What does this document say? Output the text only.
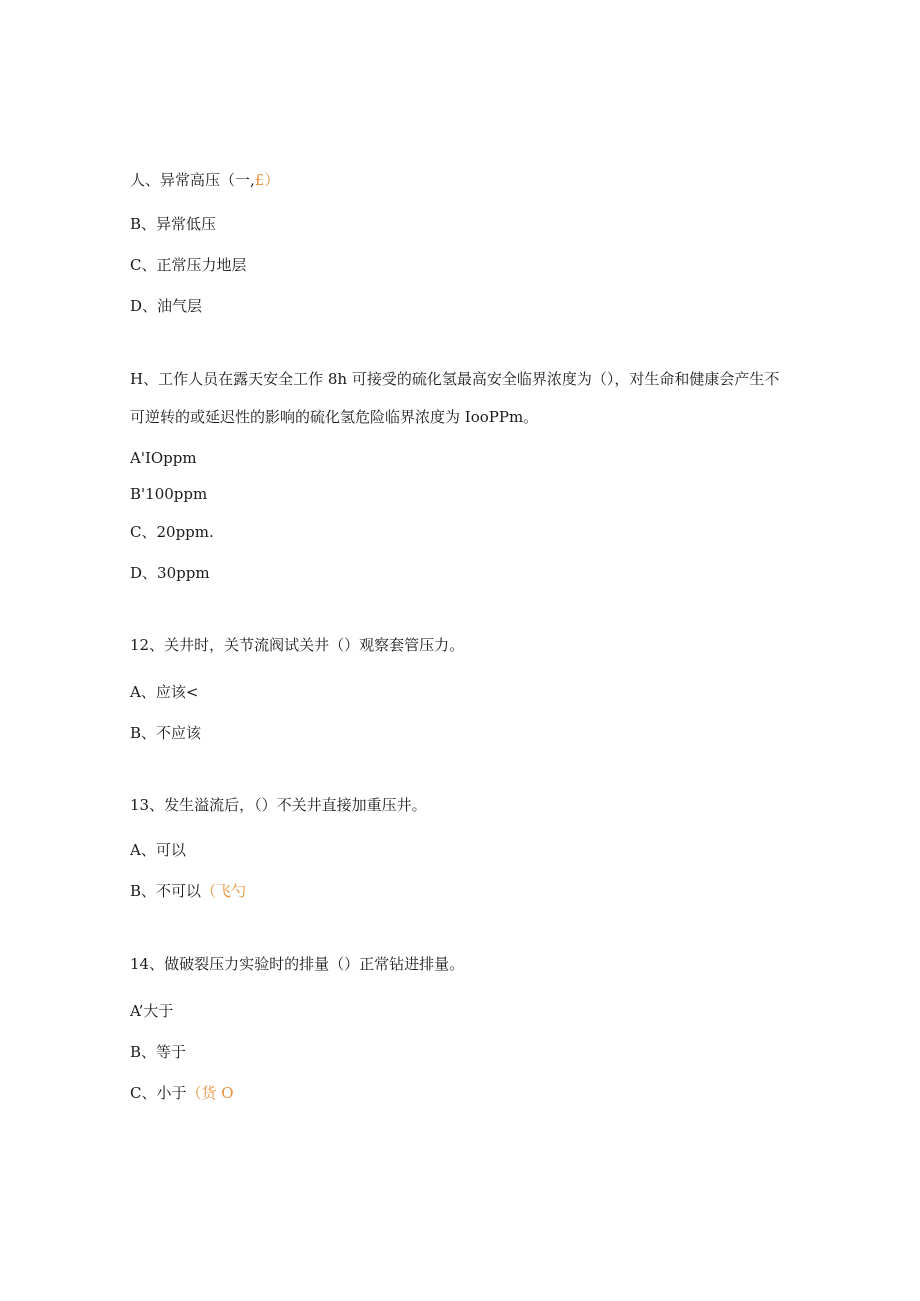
人、异常高压（一,£）
B、异常低压
C、正常压力地层
D、油气层
H、工作人员在露天安全工作 8h 可接受的硫化氢最高安全临界浓度为（），对生命和健康会产生不可逆转的或延迟性的影响的硫化氢危险临界浓度为 IooPPm。
A'IOppm
B'100ppm
C、20ppm.
D、30ppm
12、关井时，关节流阀试关井（）观察套管压力。
A、应该<
B、不应该
13、发生溢流后，（）不关井直接加重压井。
A、可以
B、不可以（飞勺
14、做破裂压力实验时的排量（）正常钻进排量。
A’大于
B、等于
C、小于（货 O
